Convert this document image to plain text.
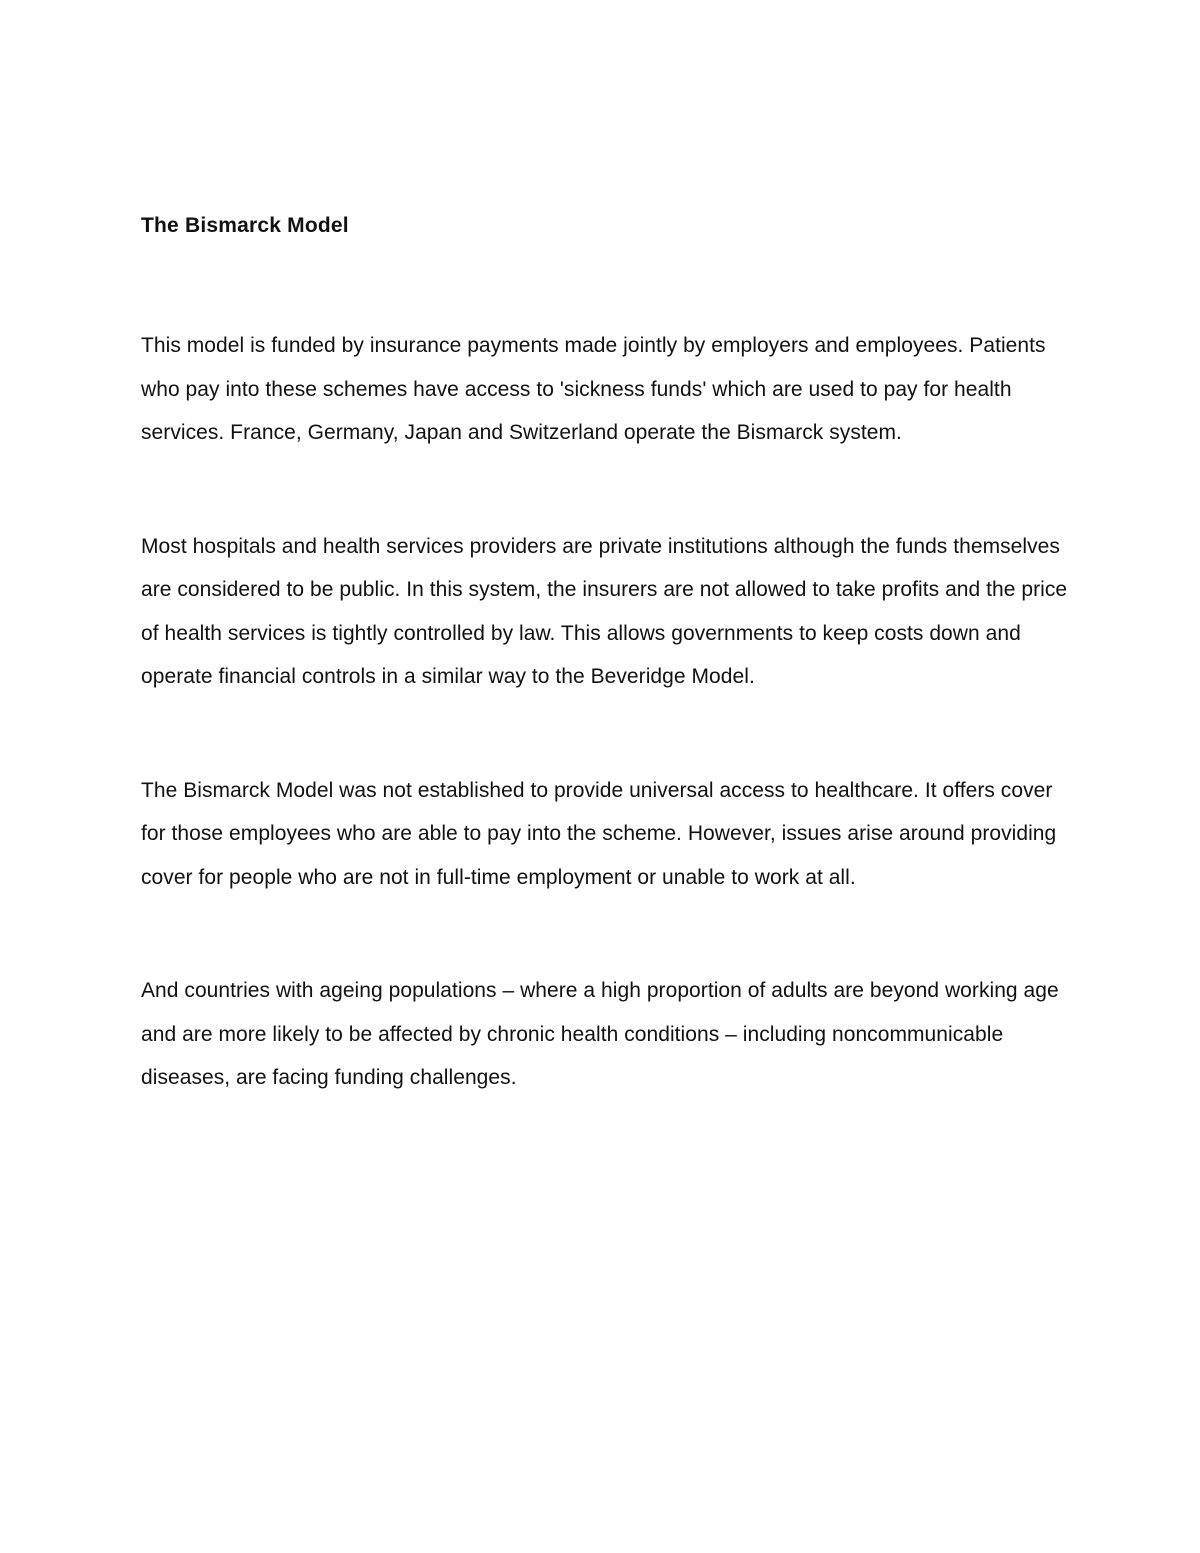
The Bismarck Model

This model is funded by insurance payments made jointly by employers and employees. Patients who pay into these schemes have access to 'sickness funds' which are used to pay for health services. France, Germany, Japan and Switzerland operate the Bismarck system.

Most hospitals and health services providers are private institutions although the funds themselves are considered to be public. In this system, the insurers are not allowed to take profits and the price of health services is tightly controlled by law. This allows governments to keep costs down and operate financial controls in a similar way to the Beveridge Model.

The Bismarck Model was not established to provide universal access to healthcare. It offers cover for those employees who are able to pay into the scheme. However, issues arise around providing cover for people who are not in full-time employment or unable to work at all.

And countries with ageing populations – where a high proportion of adults are beyond working age and are more likely to be affected by chronic health conditions – including noncommunicable diseases, are facing funding challenges.
